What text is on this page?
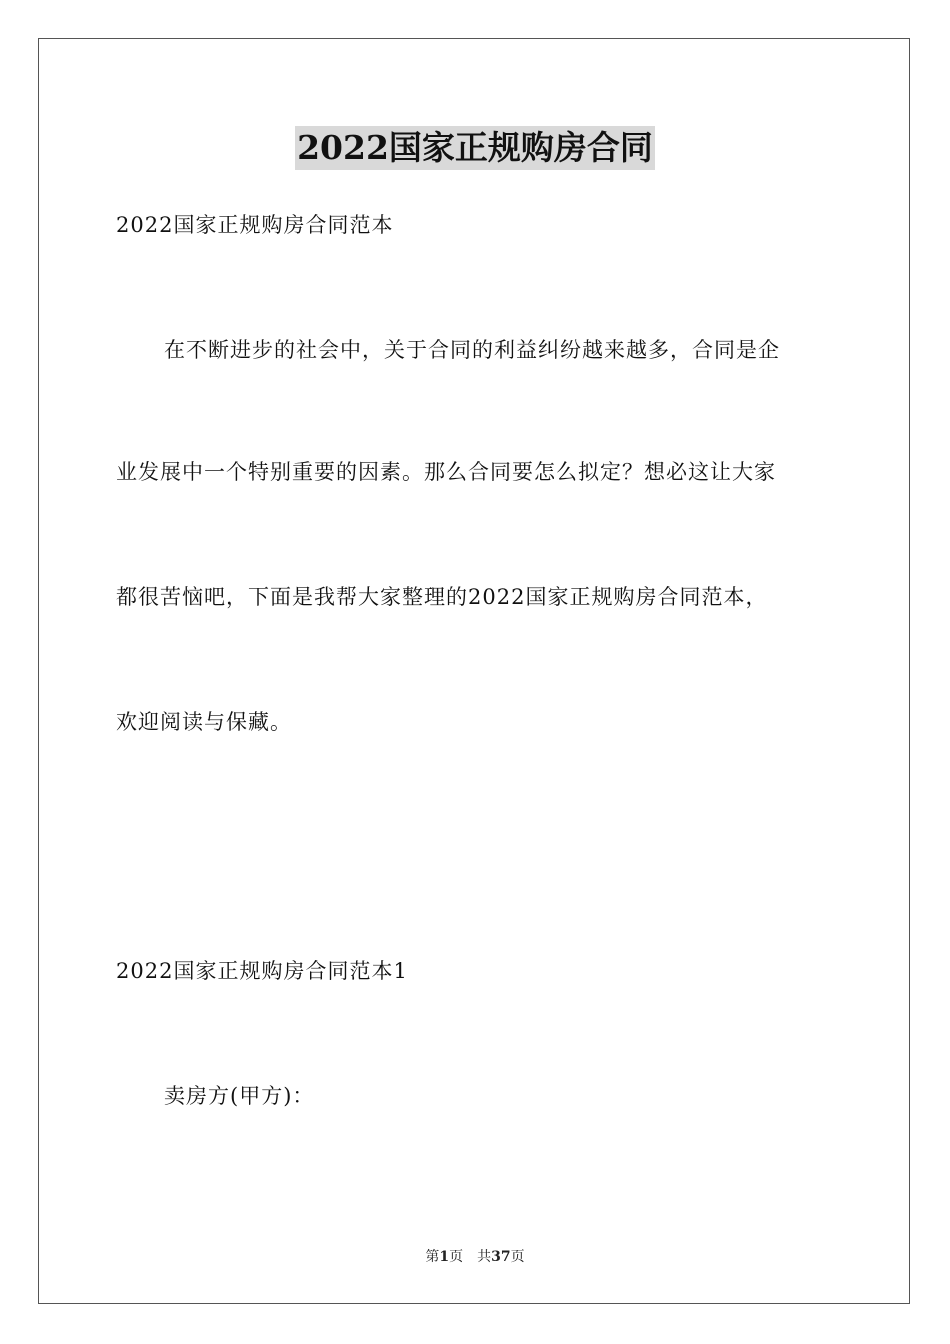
2022国家正规购房合同

2022国家正规购房合同范本

在不断进步的社会中，关于合同的利益纠纷越来越多，合同是企

业发展中一个特别重要的因素。那么合同要怎么拟定？想必这让大家

都很苦恼吧，下面是我帮大家整理的2022国家正规购房合同范本，

欢迎阅读与保藏。

2022国家正规购房合同范本1

卖房方(甲方)：

第1页 共37页
